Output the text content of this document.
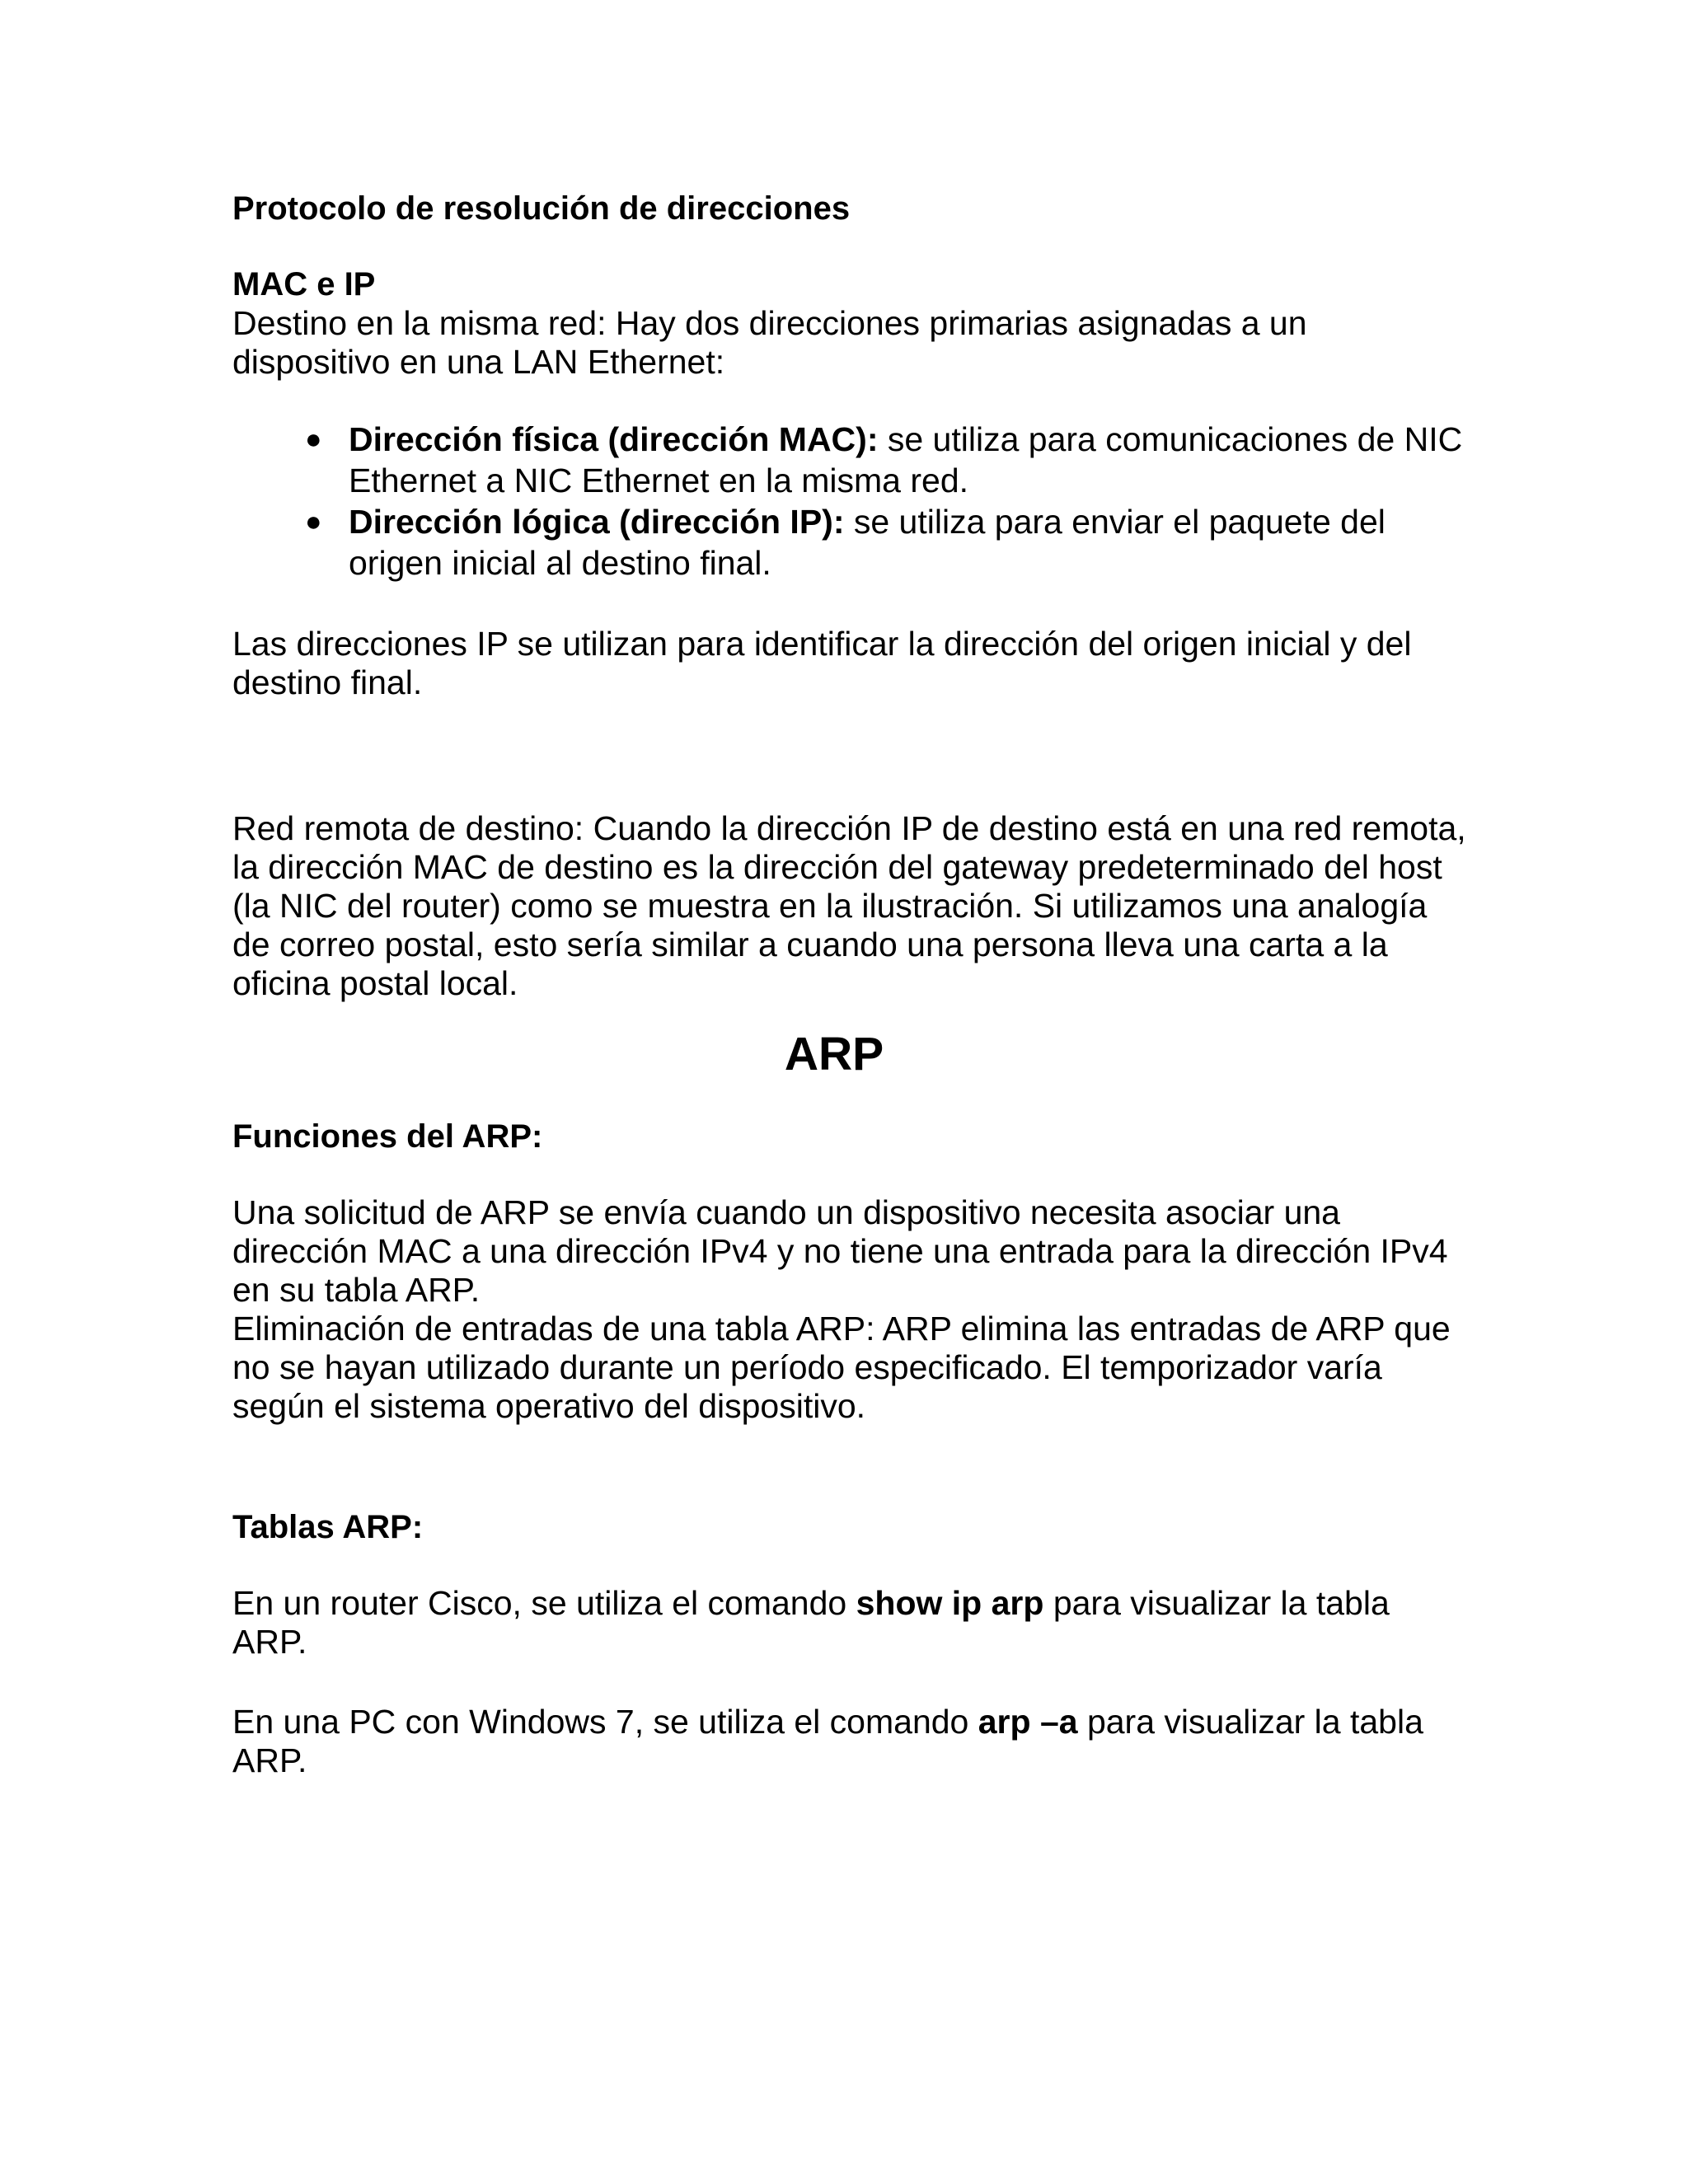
Protocolo de resolución de direcciones

MAC e IP

Destino en la misma red: Hay dos direcciones primarias asignadas a un dispositivo en una LAN Ethernet:

● Dirección física (dirección MAC): se utiliza para comunicaciones de NIC Ethernet a NIC Ethernet en la misma red.
● Dirección lógica (dirección IP): se utiliza para enviar el paquete del origen inicial al destino final.

Las direcciones IP se utilizan para identificar la dirección del origen inicial y del destino final.

Red remota de destino: Cuando la dirección IP de destino está en una red remota, la dirección MAC de destino es la dirección del gateway predeterminado del host (la NIC del router) como se muestra en la ilustración. Si utilizamos una analogía de correo postal, esto sería similar a cuando una persona lleva una carta a la oficina postal local.

ARP

Funciones del ARP:

Una solicitud de ARP se envía cuando un dispositivo necesita asociar una dirección MAC a una dirección IPv4 y no tiene una entrada para la dirección IPv4 en su tabla ARP.

Eliminación de entradas de una tabla ARP: ARP elimina las entradas de ARP que no se hayan utilizado durante un período especificado. El temporizador varía según el sistema operativo del dispositivo.

Tablas ARP:

En un router Cisco, se utiliza el comando show ip arp para visualizar la tabla ARP.

En una PC con Windows 7, se utiliza el comando arp –a para visualizar la tabla ARP.
